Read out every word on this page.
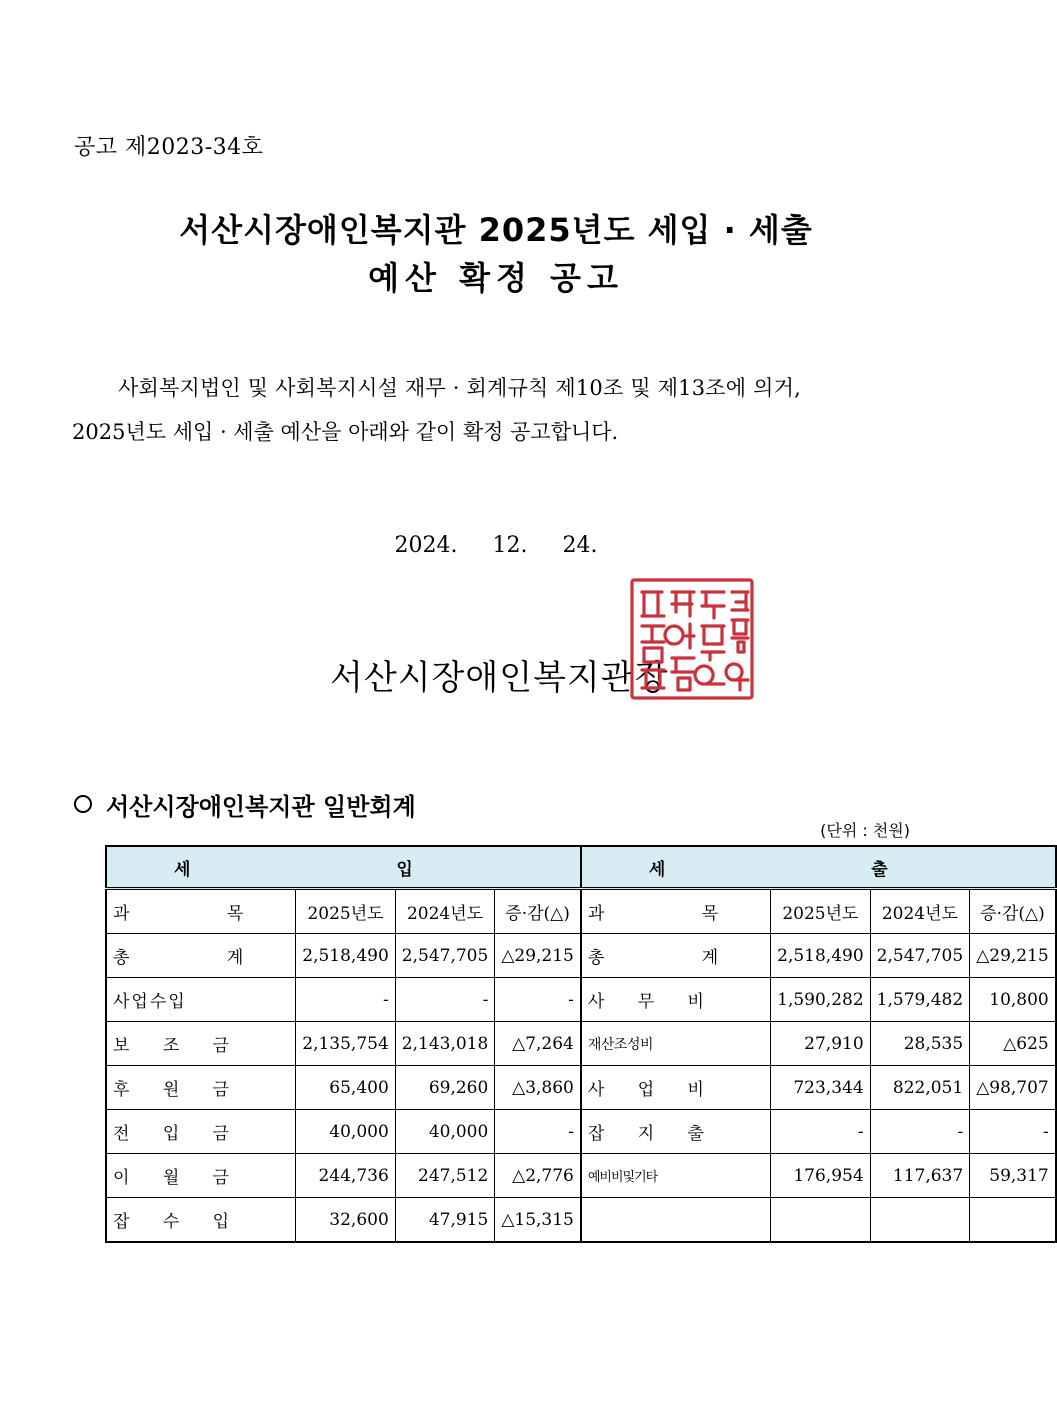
공고 제2023-34호
서산시장애인복지관 2025년도 세입 · 세출
예산 확정 공고
사회복지법인 및 사회복지시설 재무 · 회계규칙 제10조 및 제13조에 의거,
2025년도 세입 · 세출 예산을 아래와 같이 확정 공고합니다.
2024. 12. 24.
서산시장애인복지관장
서산시장애인복지관 일반회계
(단위 : 천원)
세 입				세 출			
과 목	2025년도	2024년도	증·감(△)	과 목	2025년도	2024년도	증·감(△)
총 계	2,518,490	2,547,705	△29,215	총 계	2,518,490	2,547,705	△29,215
사업수입	-	-	-	사 무 비	1,590,282	1,579,482	10,800
보 조 금	2,135,754	2,143,018	△7,264	재산조성비	27,910	28,535	△625
후 원 금	65,400	69,260	△3,860	사 업 비	723,344	822,051	△98,707
전 입 금	40,000	40,000	-	잡 지 출	-	-	-
이 월 금	244,736	247,512	△2,776	예비비및기타	176,954	117,637	59,317
잡 수 입	32,600	47,915	△15,315				
